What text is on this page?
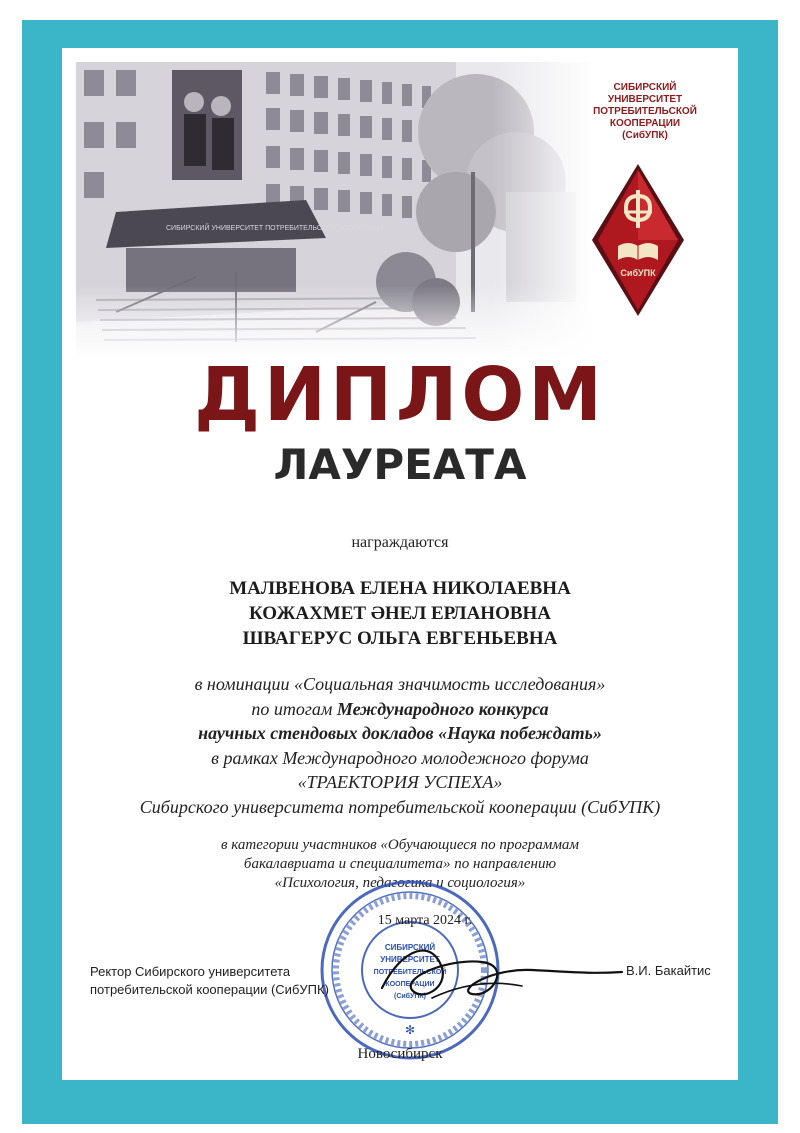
СИБИРСКИЙ
УНИВЕРСИТЕТ
ПОТРЕБИТЕЛЬСКОЙ
КООПЕРАЦИИ
(СибУПК)
СибУПК
ДИПЛОМ
ЛАУРЕАТА
награждаются
МАЛВЕНОВА ЕЛЕНА НИКОЛАЕВНА
КОЖАХМЕТ ӘНЕЛ ЕРЛАНОВНА
ШВАГЕРУС ОЛЬГА ЕВГЕНЬЕВНА
в номинации «Социальная значимость исследования»
по итогам Международного конкурса
научных стендовых докладов «Наука побеждать»
в рамках Международного молодежного форума
«ТРАЕКТОРИЯ УСПЕХА»
Сибирского университета потребительской кооперации (СибУПК)
в категории участников «Обучающиеся по программам
бакалавриата и специалитета» по направлению
«Психология, педагогика и социология»
СИБИРСКИЙ
УНИВЕРСИТЕТ
ПОТРЕБИТЕЛЬСКОЙ
КООПЕРАЦИИ
(СибУПК)
✻
15 марта 2024 г.
Ректор Сибирского университета
потребительской кооперации (СибУПК)
В.И. Бакайтис
Новосибирск
